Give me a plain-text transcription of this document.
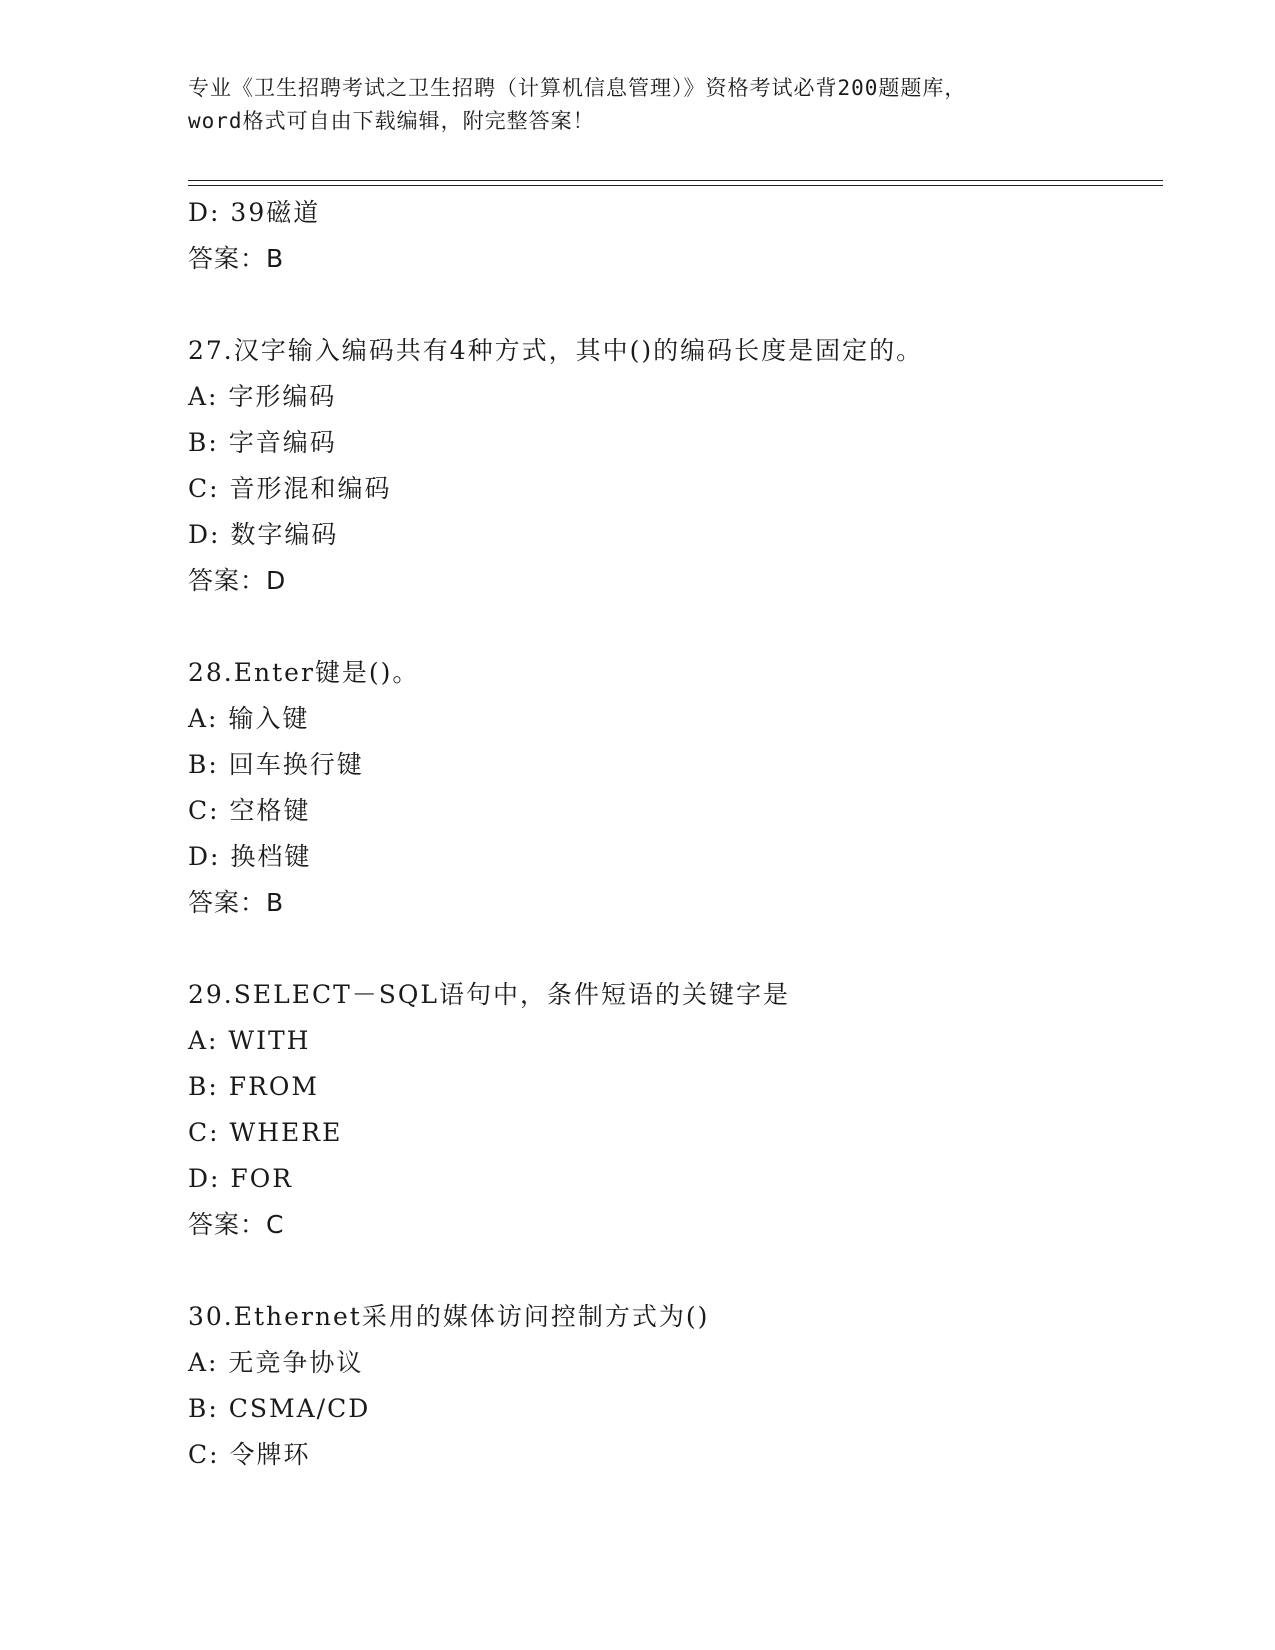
专业《卫生招聘考试之卫生招聘（计算机信息管理）》资格考试必背200题题库，
word格式可自由下载编辑，附完整答案！
D: 39磁道
答案：B
27.汉字输入编码共有4种方式，其中()的编码长度是固定的。
A: 字形编码
B: 字音编码
C: 音形混和编码
D: 数字编码
答案：D
28.Enter键是()。
A: 输入键
B: 回车换行键
C: 空格键
D: 换档键
答案：B
29.SELECT－SQL语句中，条件短语的关键字是
A: WITH
B: FROM
C: WHERE
D: FOR
答案：C
30.Ethernet采用的媒体访问控制方式为()
A: 无竞争协议
B: CSMA/CD
C: 令牌环
